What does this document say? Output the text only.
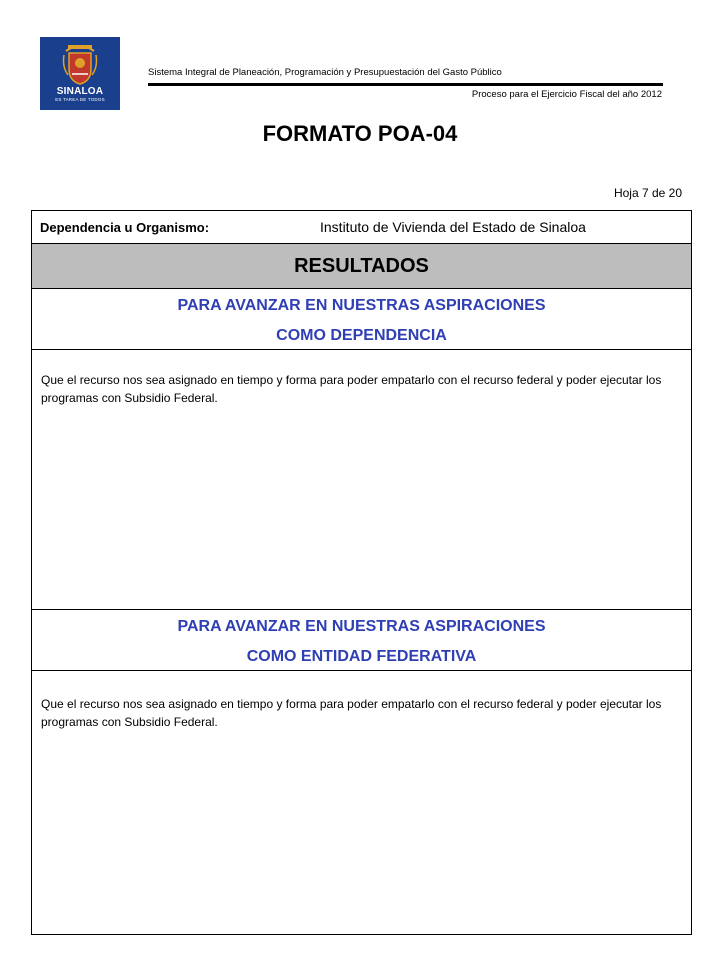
SINALOA
ES TAREA DE TODOS
Sistema Integral de Planeación, Programación y Presupuestación del Gasto Público
Proceso para el Ejercicio Fiscal del año 2012
FORMATO POA-04
Hoja 7 de 20
Dependencia u Organismo:	Instituto de Vivienda del Estado de Sinaloa
RESULTADOS
PARA AVANZAR EN NUESTRAS ASPIRACIONES
COMO DEPENDENCIA
Que el recurso nos sea asignado en tiempo y forma para poder empatarlo con el recurso federal y poder ejecutar los programas con Subsidio Federal.
PARA AVANZAR EN NUESTRAS ASPIRACIONES
COMO ENTIDAD FEDERATIVA
Que el recurso nos sea asignado en tiempo y forma para poder empatarlo con el recurso federal y poder ejecutar los programas con Subsidio Federal.
